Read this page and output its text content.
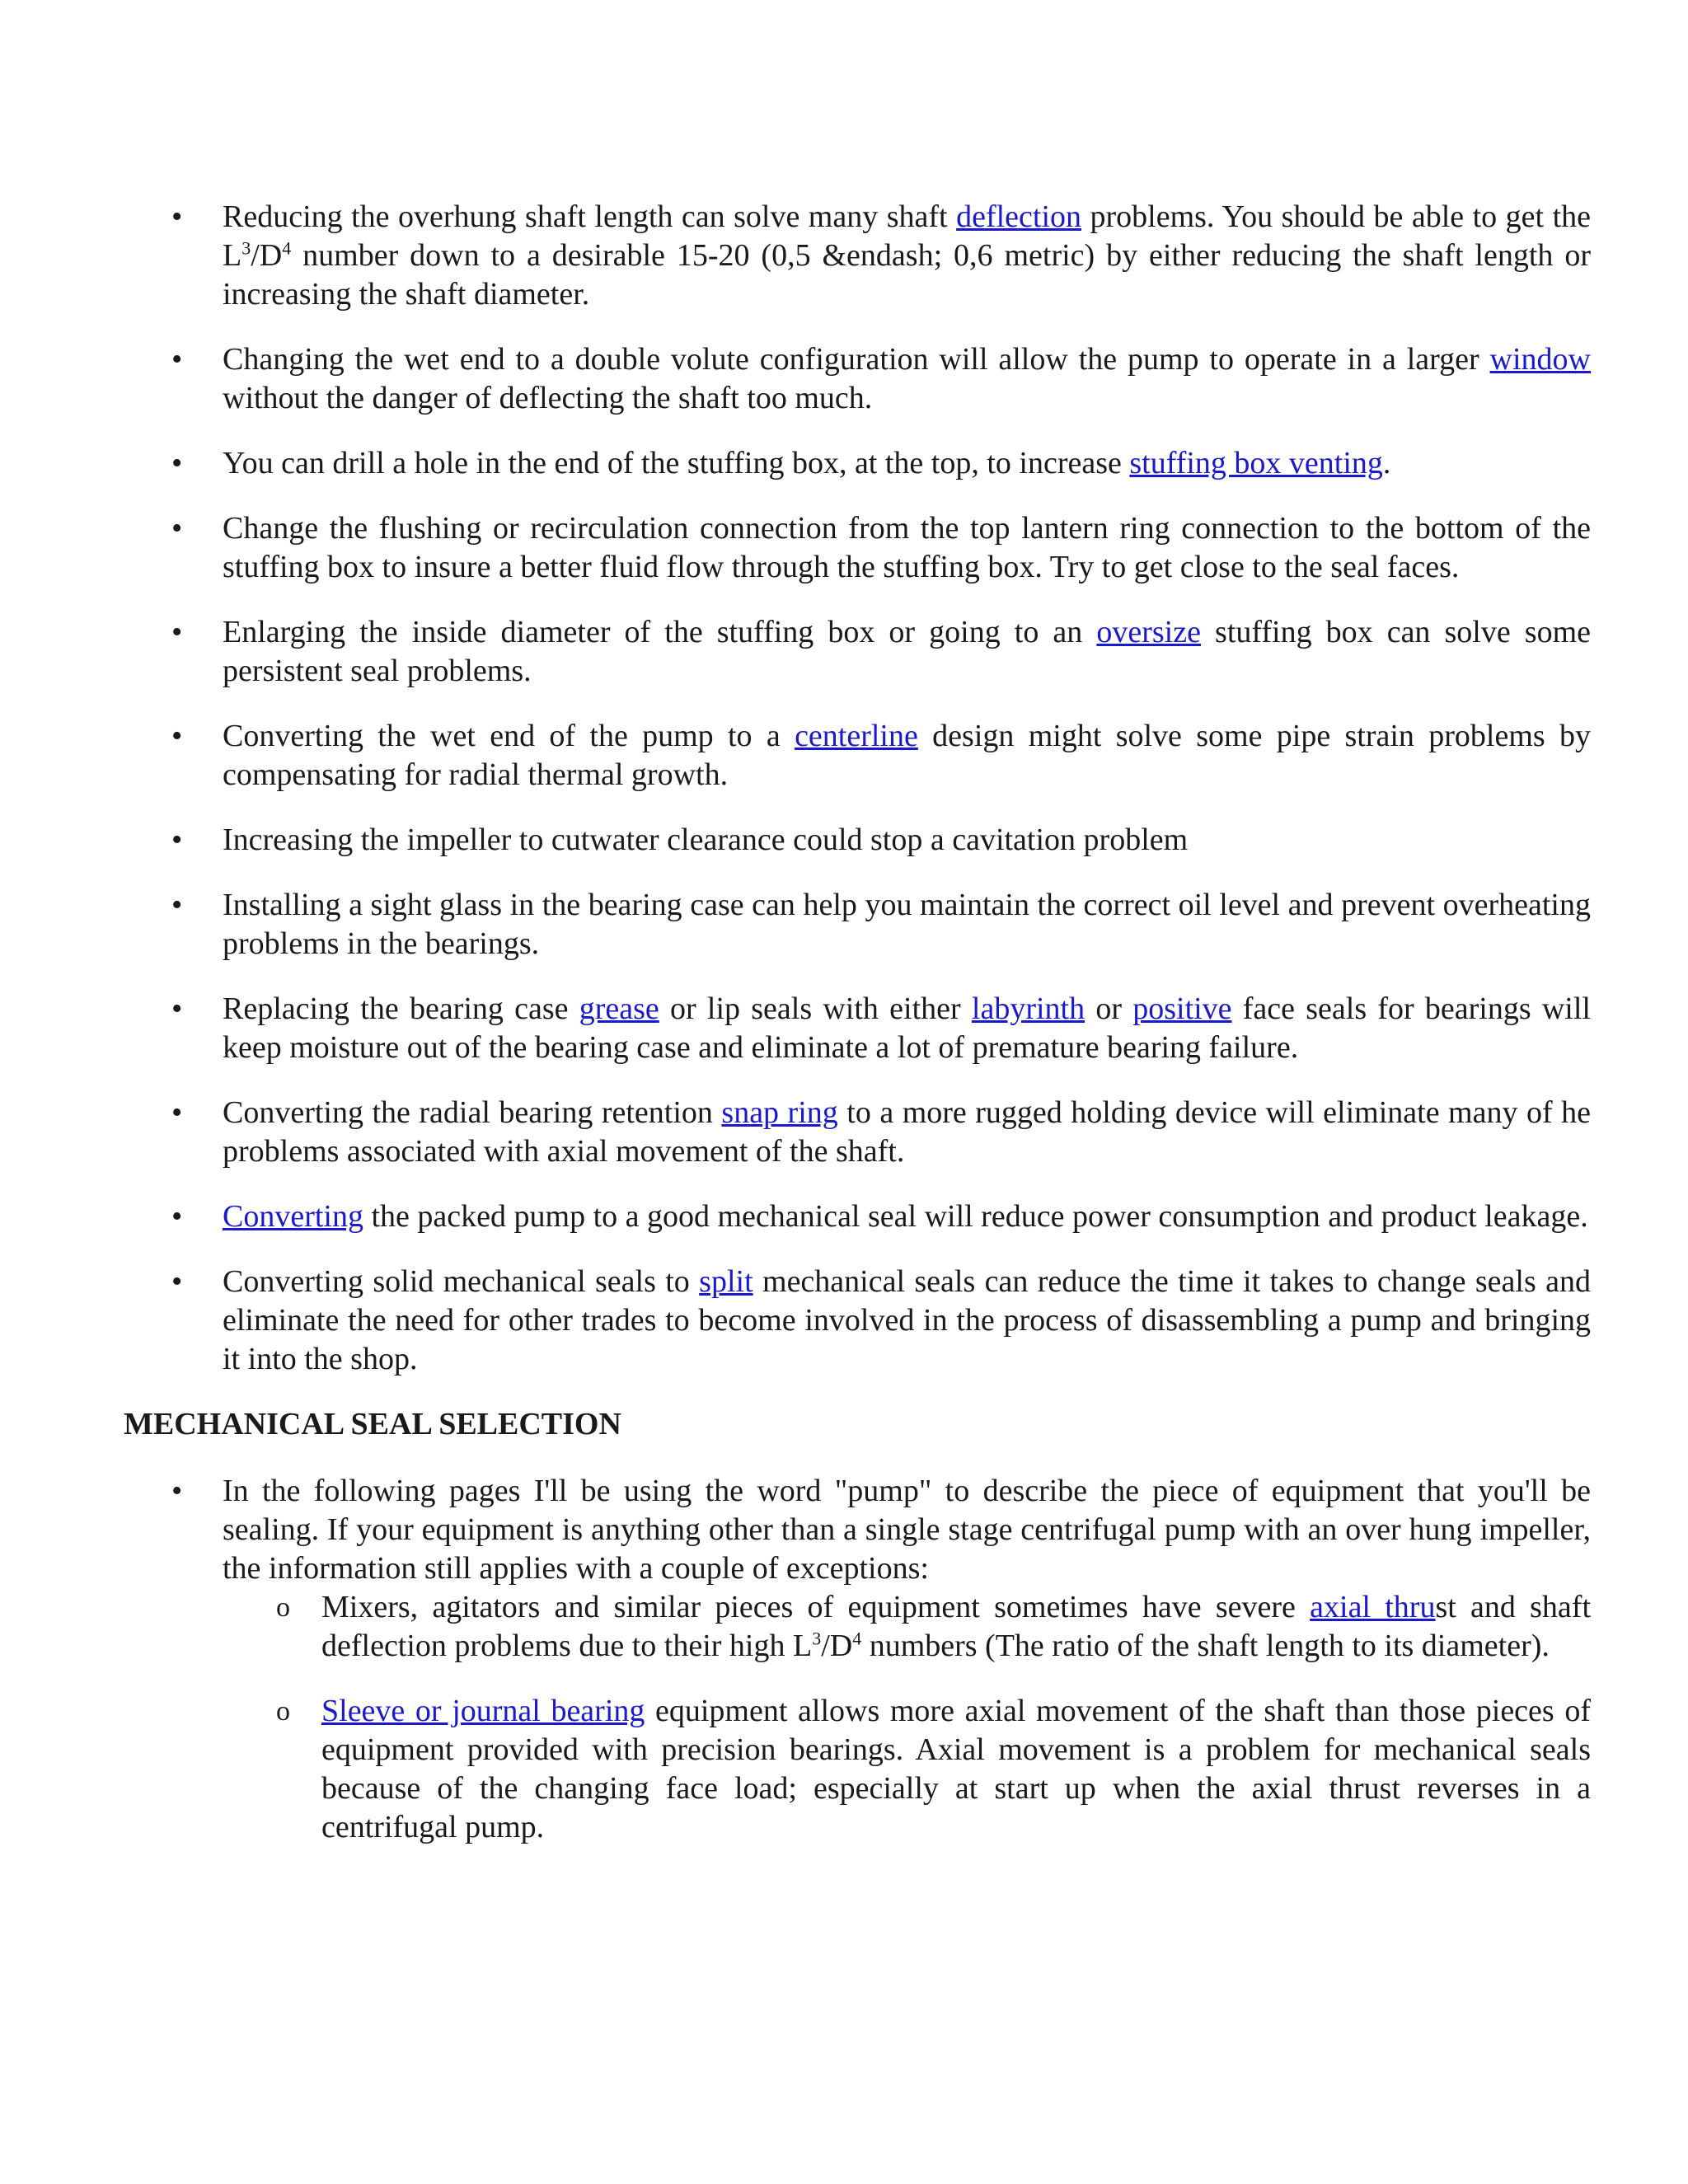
• Reducing the overhung shaft length can solve many shaft deflection problems. You should be able to get the $L^3/D^4$ number down to a desirable 15-20 (0,5 &endash; 0,6 metric) by either reducing the shaft length or increasing the shaft diameter.
• Changing the wet end to a double volute configuration will allow the pump to operate in a larger window without the danger of deflecting the shaft too much.
• You can drill a hole in the end of the stuffing box, at the top, to increase stuffing box venting.
• Change the flushing or recirculation connection from the top lantern ring connection to the bottom of the stuffing box to insure a better fluid flow through the stuffing box. Try to get close to the seal faces.
• Enlarging the inside diameter of the stuffing box or going to an oversize stuffing box can solve some persistent seal problems.
• Converting the wet end of the pump to a centerline design might solve some pipe strain problems by compensating for radial thermal growth.
• Increasing the impeller to cutwater clearance could stop a cavitation problem
• Installing a sight glass in the bearing case can help you maintain the correct oil level and prevent overheating problems in the bearings.
• Replacing the bearing case grease or lip seals with either labyrinth or positive face seals for bearings will keep moisture out of the bearing case and eliminate a lot of premature bearing failure.
• Converting the radial bearing retention snap ring to a more rugged holding device will eliminate many of he problems associated with axial movement of the shaft.
• Converting the packed pump to a good mechanical seal will reduce power consumption and product leakage.
• Converting solid mechanical seals to split mechanical seals can reduce the time it takes to change seals and eliminate the need for other trades to become involved in the process of disassembling a pump and bringing it into the shop.
MECHANICAL SEAL SELECTION
• In the following pages I'll be using the word "pump" to describe the piece of equipment that you'll be sealing. If your equipment is anything other than a single stage centrifugal pump with an over hung impeller, the information still applies with a couple of exceptions:
o Mixers, agitators and similar pieces of equipment sometimes have severe axial thrust and shaft deflection problems due to their high $L^3/D^4$ numbers (The ratio of the shaft length to its diameter).
o Sleeve or journal bearing equipment allows more axial movement of the shaft than those pieces of equipment provided with precision bearings. Axial movement is a problem for mechanical seals because of the changing face load; especially at start up when the axial thrust reverses in a centrifugal pump.
